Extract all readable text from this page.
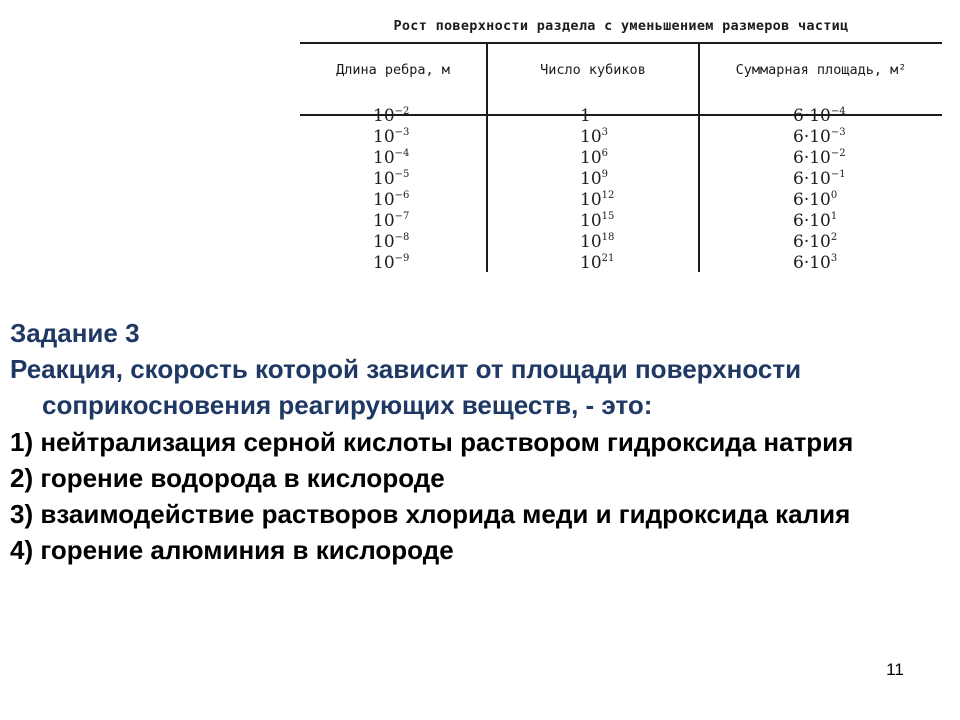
Рост поверхности раздела с уменьшением размеров частиц
Длина ребра, м	Число кубиков	Суммарная площадь, м²
$10^{-2}$
$10^{-3}$
$10^{-4}$
$10^{-5}$
$10^{-6}$
$10^{-7}$
$10^{-8}$
$10^{-9}$
1
$10^3$
$10^6$
$10^9$
$10^{12}$
$10^{15}$
$10^{18}$
$10^{21}$
$6\cdot 10^{-4}$
$6\cdot 10^{-3}$
$6\cdot 10^{-2}$
$6\cdot 10^{-1}$
$6\cdot 10^0$
$6\cdot 10^1$
$6\cdot 10^2$
$6\cdot 10^3$
Задание 3
Реакция, скорость которой зависит от площади поверхности соприкосновения реагирующих веществ, - это:
1) нейтрализация серной кислоты раствором гидроксида натрия
2) горение водорода в кислороде
3) взаимодействие растворов хлорида меди и гидроксида калия
4) горение алюминия в кислороде
11
